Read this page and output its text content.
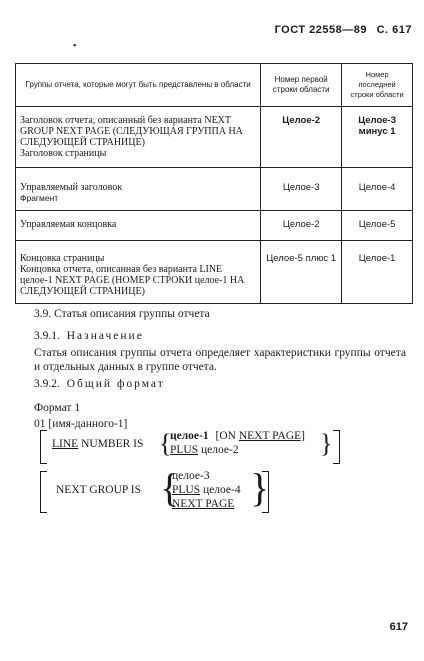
ГОСТ 22558—89 С. 617
•
Группы отчета, которые могут быть представлены в области	Номер первой строки области	Номер последней строки области

Заголовок отчета, описанный без варианта NEXT GROUP NEXT PAGE (СЛЕДУЮЩАЯ ГРУППА НА СЛЕДУЮЩЕЙ СТРАНИЦЕ)
Заголовок страницы	Целое-2	Целое-3 минус 1

Управляемый заголовок
Фрагмент	Целое-3	Целое-4

Управляемая концовка	Целое-2	Целое-5

Концовка страницы
Концовка отчета, описанная без варианта LINE целое-1 NEXT PAGE (НОМЕР СТРОКИ целое-1 НА СЛЕДУЮЩЕЙ СТРАНИЦЕ)	Целое-5 плюс 1	Целое-1
3.9. Статья описания группы отчета
3.9.1. Назначение
Статья описания группы отчета определяет характеристики группы отчета и отдельных данных в группе отчета.
3.9.2. Общий формат
Формат 1
01 [имя-данного-1]
LINE NUMBER IS {
целое-1 [ON NEXT PAGE]
PLUS целое-2	}
NEXT GROUP IS {
целое-3
PLUS целое-4
NEXT PAGE }
617
